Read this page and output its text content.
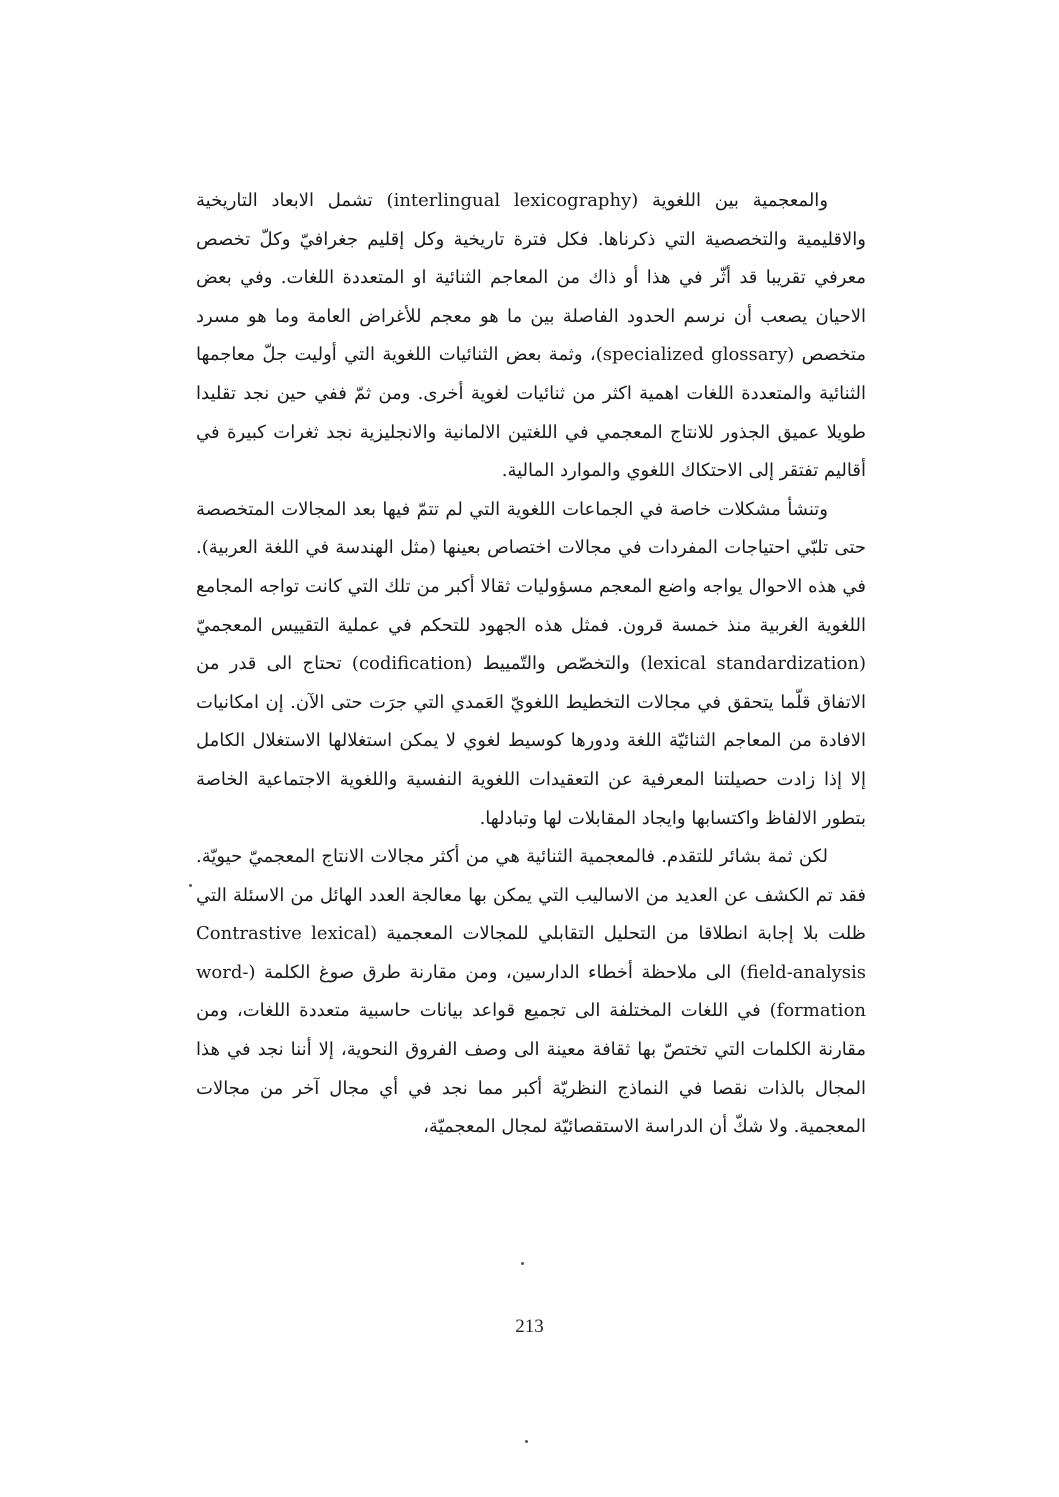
والمعجمية بين اللغوية (interlingual lexicography) تشمل الابعاد التاريخية والاقليمية والتخصصية التي ذكرناها. فكل فترة تاريخية وكل إقليم جغرافيّ وكلّ تخصص معرفي تقريبا قد أثّر في هذا أو ذاك من المعاجم الثنائية او المتعددة اللغات. وفي بعض الاحيان يصعب أن نرسم الحدود الفاصلة بين ما هو معجم للأغراض العامة وما هو مسرد متخصص (specialized glossary)، وثمة بعض الثنائيات اللغوية التي أوليت جلّ معاجمها الثنائية والمتعددة اللغات اهمية اكثر من ثنائيات لغوية أخرى. ومن ثمّ ففي حين نجد تقليدا طويلا عميق الجذور للانتاج المعجمي في اللغتين الالمانية والانجليزية نجد ثغرات كبيرة في أقاليم تفتقر إلى الاحتكاك اللغوي والموارد المالية.

وتنشأ مشكلات خاصة في الجماعات اللغوية التي لم تتمّ فيها بعد المجالات المتخصصة حتى تلبّي احتياجات المفردات في مجالات اختصاص بعينها (مثل الهندسة في اللغة العربية). في هذه الاحوال يواجه واضع المعجم مسؤوليات ثقالا أكبر من تلك التي كانت تواجه المجامع اللغوية الغربية منذ خمسة قرون. فمثل هذه الجهود للتحكم في عملية التقييس المعجميّ (lexical standardization) والتخصّص والتّمييط (codification) تحتاج الى قدر من الاتفاق قلّما يتحقق في مجالات التخطيط اللغويّ العَمدي التي جرَت حتى الآن. إن امكانيات الافادة من المعاجم الثنائيّة اللغة ودورها كوسيط لغوي لا يمكن استغلالها الاستغلال الكامل إلا إذا زادت حصيلتنا المعرفية عن التعقيدات اللغوية النفسية واللغوية الاجتماعية الخاصة بتطور الالفاظ واكتسابها وايجاد المقابلات لها وتبادلها.

لكن ثمة بشائر للتقدم. فالمعجمية الثنائية هي من أكثر مجالات الانتاج المعجميّ حيويّة. فقد تم الكشف عن العديد من الاساليب التي يمكن بها معالجة العدد الهائل من الاسئلة التي ظلت بلا إجابة انطلاقا من التحليل التقابلي للمجالات المعجمية (Contrastive lexical field-analysis) الى ملاحظة أخطاء الدارسين، ومن مقارنة طرق صوغ الكلمة (word-formation) في اللغات المختلفة الى تجميع قواعد بيانات حاسبية متعددة اللغات، ومن مقارنة الكلمات التي تختصّ بها ثقافة معينة الى وصف الفروق النحوية، إلا أننا نجد في هذا المجال بالذات نقصا في النماذج النظريّة أكبر مما نجد في أي مجال آخر من مجالات المعجمية. ولا شكّ أن الدراسة الاستقصائيّة لمجال المعجميّة،

213
